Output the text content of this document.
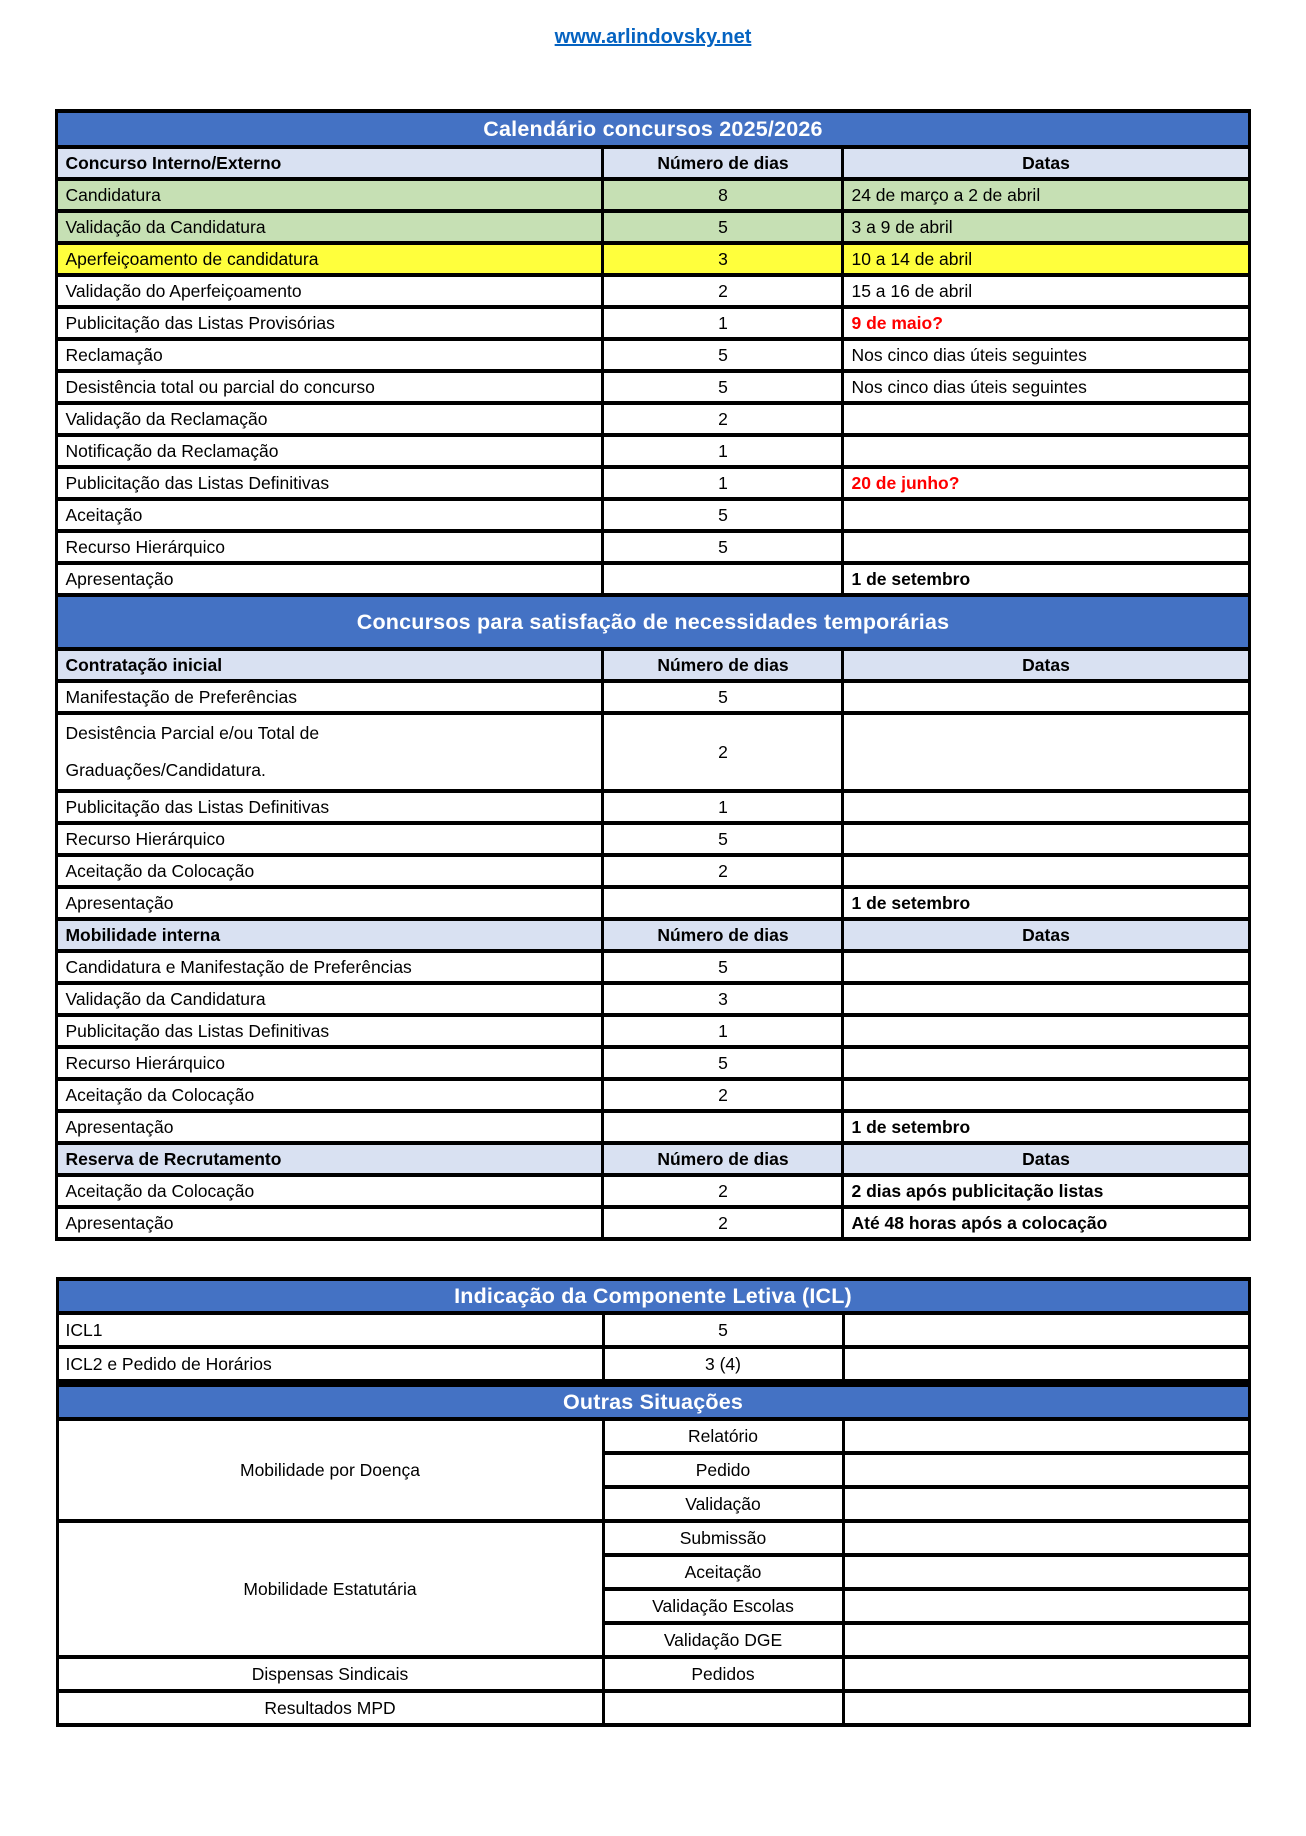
www.arlindovsky.net
Calendário concursos 2025/2026		
Concurso Interno/Externo	Número de dias	Datas
Candidatura	8	24 de março a 2 de abril
Validação da Candidatura	5	3 a 9 de abril
Aperfeiçoamento de candidatura	3	10 a 14 de abril
Validação do Aperfeiçoamento	2	15 a 16 de abril
Publicitação das Listas Provisórias	1	9 de maio?
Reclamação	5	Nos cinco dias úteis seguintes
Desistência total ou parcial do concurso	5	Nos cinco dias úteis seguintes
Validação da Reclamação	2	
Notificação da Reclamação	1	
Publicitação das Listas Definitivas	1	20 de junho?
Aceitação	5	
Recurso Hierárquico	5	
Apresentação		1 de setembro
Concursos para satisfação de necessidades temporárias		
Contratação inicial	Número de dias	Datas
Manifestação de Preferências	5	

Desistência Parcial e/ou Total de
Graduações/Candidatura.	2	
Publicitação das Listas Definitivas	1	
Recurso Hierárquico	5	
Aceitação da Colocação	2	
Apresentação		1 de setembro
Mobilidade interna	Número de dias	Datas
Candidatura e Manifestação de Preferências	5	
Validação da Candidatura	3	
Publicitação das Listas Definitivas	1	
Recurso Hierárquico	5	
Aceitação da Colocação	2	
Apresentação		1 de setembro
Reserva de Recrutamento	Número de dias	Datas
Aceitação da Colocação	2	2 dias após publicitação listas
Apresentação	2	Até 48 horas após a colocação
Indicação da Componente Letiva (ICL)		
ICL1	5	
ICL2 e Pedido de Horários	3 (4)	

Outras Situações		
Mobilidade por Doença	Relatório	
	Pedido	
	Validação	
Mobilidade Estatutária	Submissão	
	Aceitação	
	Validação Escolas	
	Validação DGE	
Dispensas Sindicais	Pedidos	
Resultados MPD		
